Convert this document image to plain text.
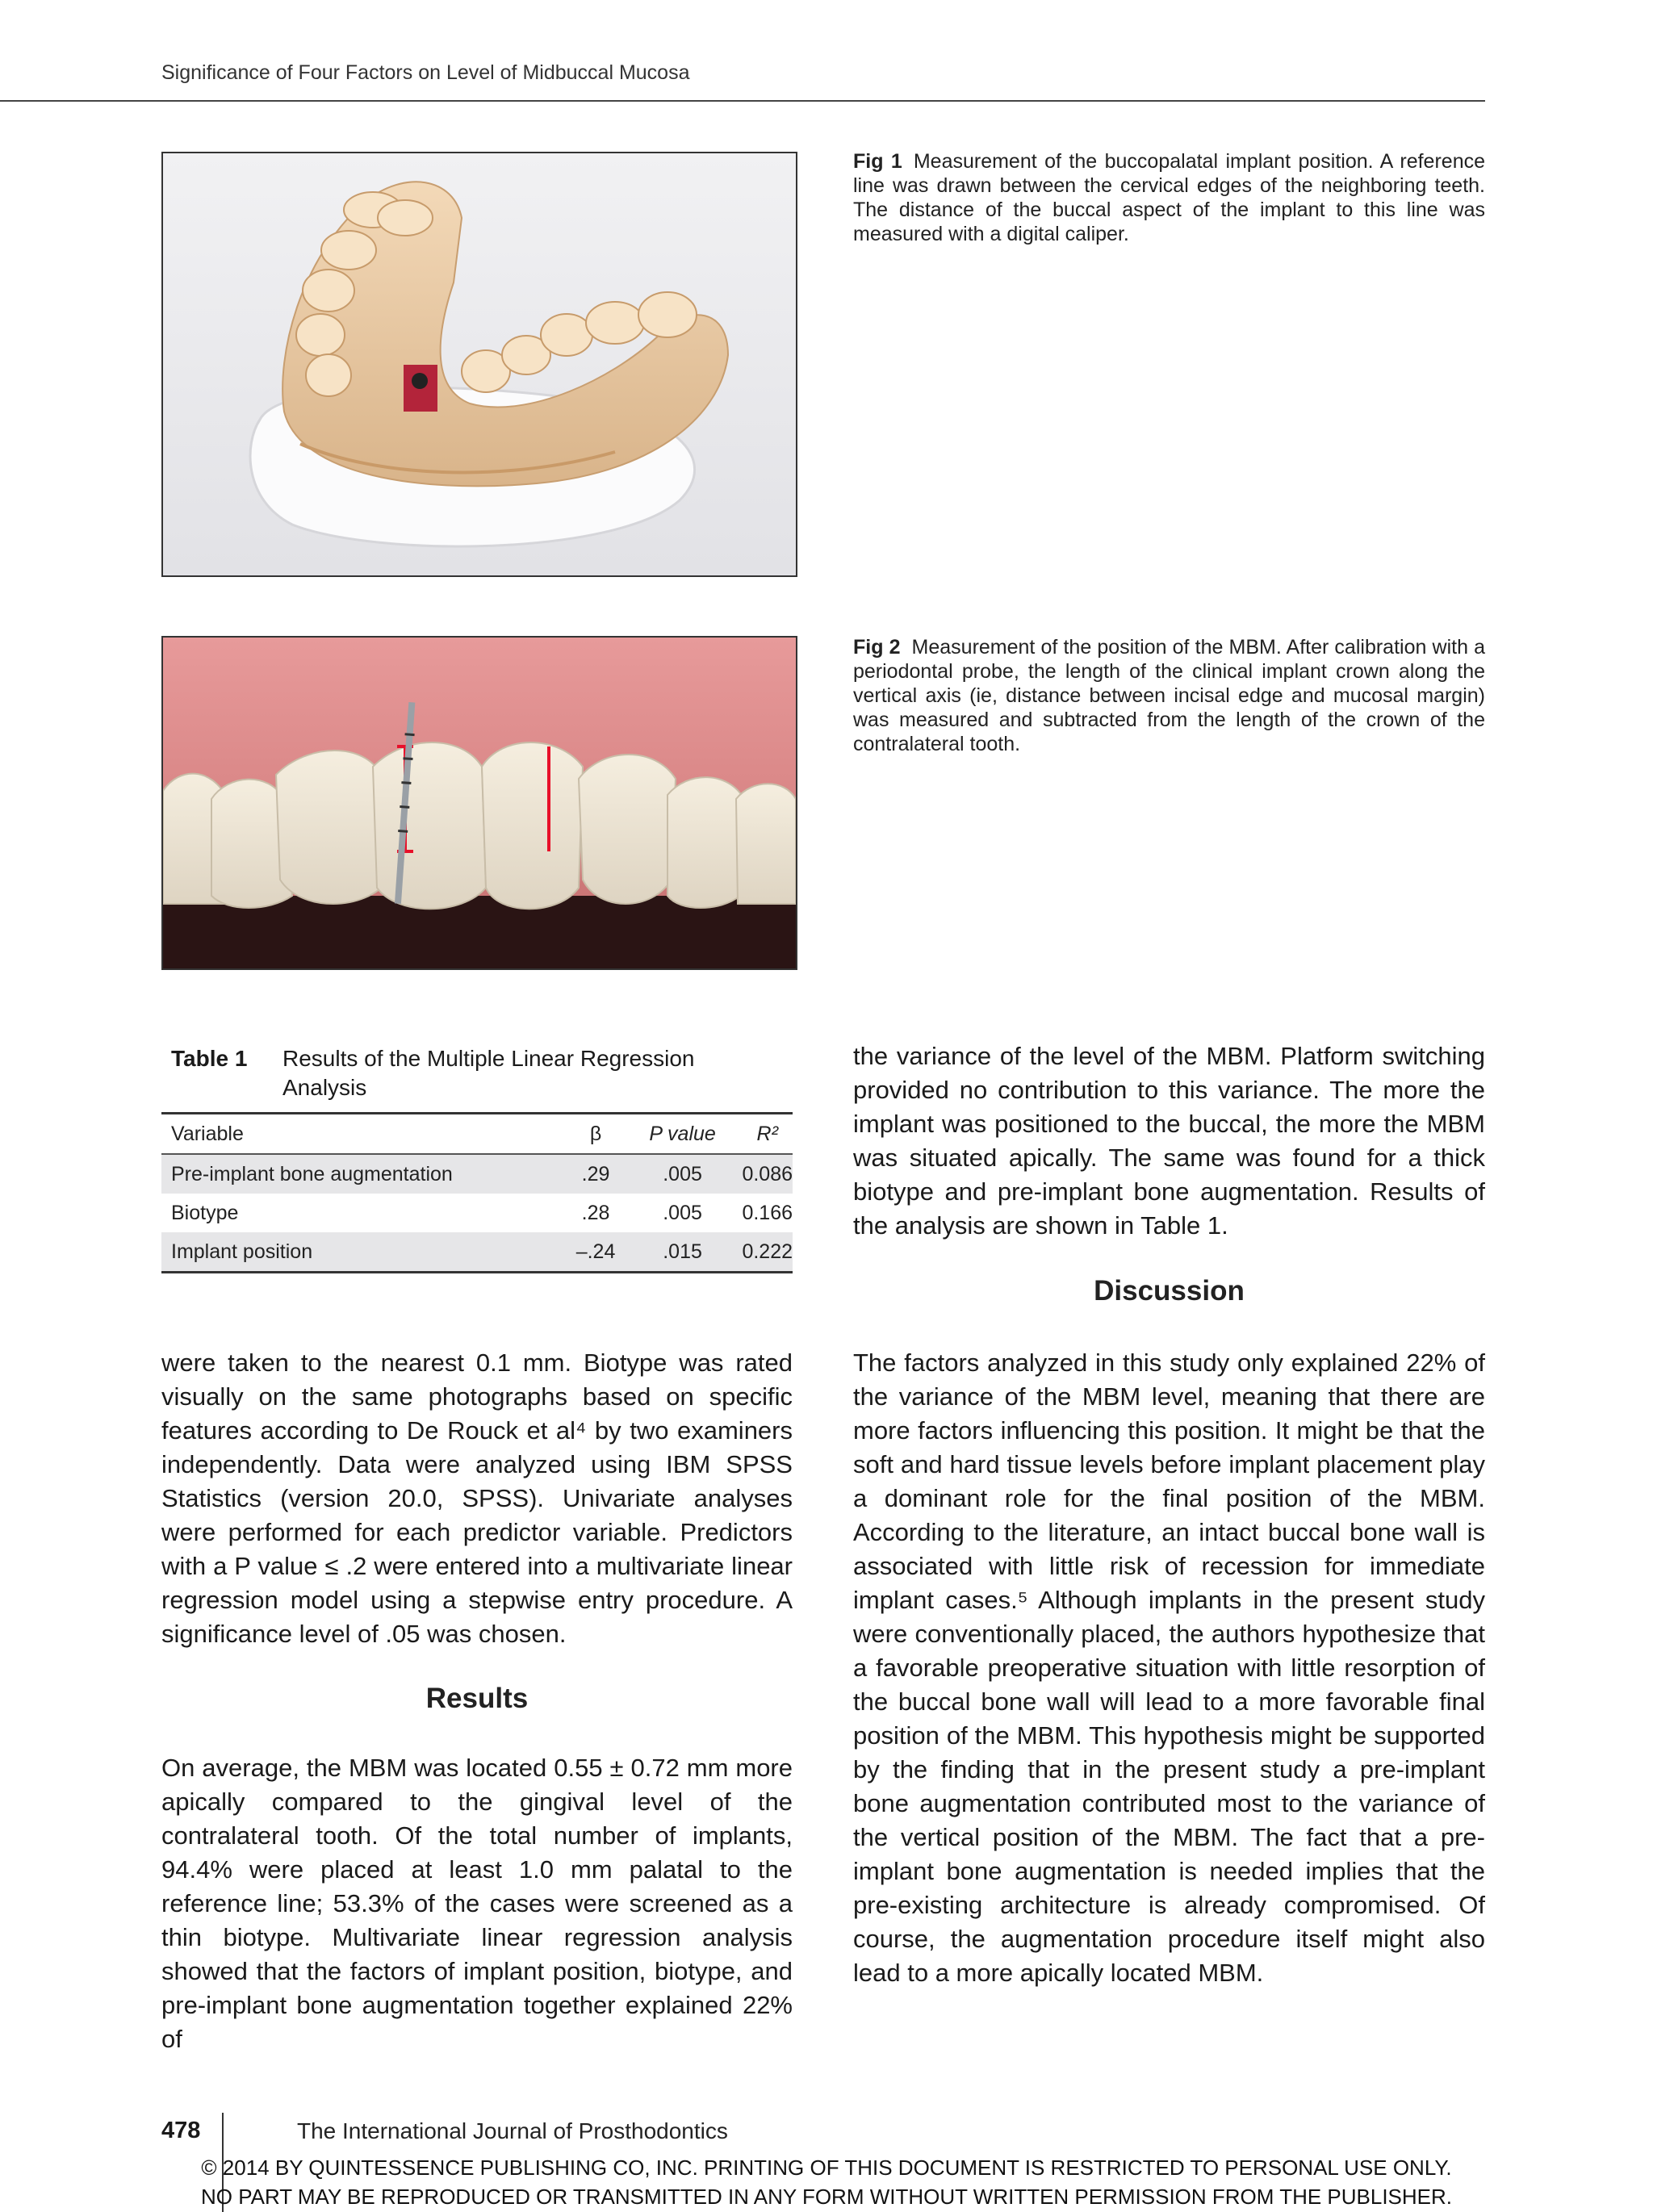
Significance of Four Factors on Level of Midbuccal Mucosa
Fig 1 Measurement of the buccopalatal implant position. A reference line was drawn between the cervical edges of the neighboring teeth. The distance of the buccal aspect of the implant to this line was measured with a digital caliper.
Fig 2 Measurement of the position of the MBM. After calibration with a periodontal probe, the length of the clinical implant crown along the vertical axis (ie, distance between incisal edge and mucosal margin) was measured and subtracted from the length of the crown of the contralateral tooth.
Table 1 Results of the Multiple Linear Regression Analysis
Variable	β	P value	R²
Pre-implant bone augmentation	.29	.005	0.086
Biotype	.28	.005	0.166
Implant position	–.24	.015	0.222

the variance of the level of the MBM. Platform switching provided no contribution to this variance. The more the implant was positioned to the buccal, the more the MBM was situated apically. The same was found for a thick biotype and pre-implant bone augmentation. Results of the analysis are shown in Table 1.

Discussion

The factors analyzed in this study only explained 22% of the variance of the MBM level, meaning that there are more factors influencing this position. It might be that the soft and hard tissue levels before implant placement play a dominant role for the final position of the MBM. According to the literature, an intact buccal bone wall is associated with little risk of recession for immediate implant cases.⁵ Although implants in the present study were conventionally placed, the authors hypothesize that a favorable preoperative situation with little resorption of the buccal bone wall will lead to a more favorable final position of the MBM. This hypothesis might be supported by the finding that in the present study a pre-implant bone augmentation contributed most to the variance of the vertical position of the MBM. The fact that a pre-implant bone augmentation is needed implies that the pre-existing architecture is already compromised. Of course, the augmentation procedure itself might also lead to a more apically located MBM.

were taken to the nearest 0.1 mm. Biotype was rated visually on the same photographs based on specific features according to De Rouck et al⁴ by two examiners independently. Data were analyzed using IBM SPSS Statistics (version 20.0, SPSS). Univariate analyses were performed for each predictor variable. Predictors with a P value ≤ .2 were entered into a multivariate linear regression model using a stepwise entry procedure. A significance level of .05 was chosen.

Results

On average, the MBM was located 0.55 ± 0.72 mm more apically compared to the gingival level of the contralateral tooth. Of the total number of implants, 94.4% were placed at least 1.0 mm palatal to the reference line; 53.3% of the cases were screened as a thin biotype. Multivariate linear regression analysis showed that the factors of implant position, biotype, and pre-implant bone augmentation together explained 22% of

478	The International Journal of Prosthodontics
© 2014 BY QUINTESSENCE PUBLISHING CO, INC. PRINTING OF THIS DOCUMENT IS RESTRICTED TO PERSONAL USE ONLY.
NO PART MAY BE REPRODUCED OR TRANSMITTED IN ANY FORM WITHOUT WRITTEN PERMISSION FROM THE PUBLISHER.
